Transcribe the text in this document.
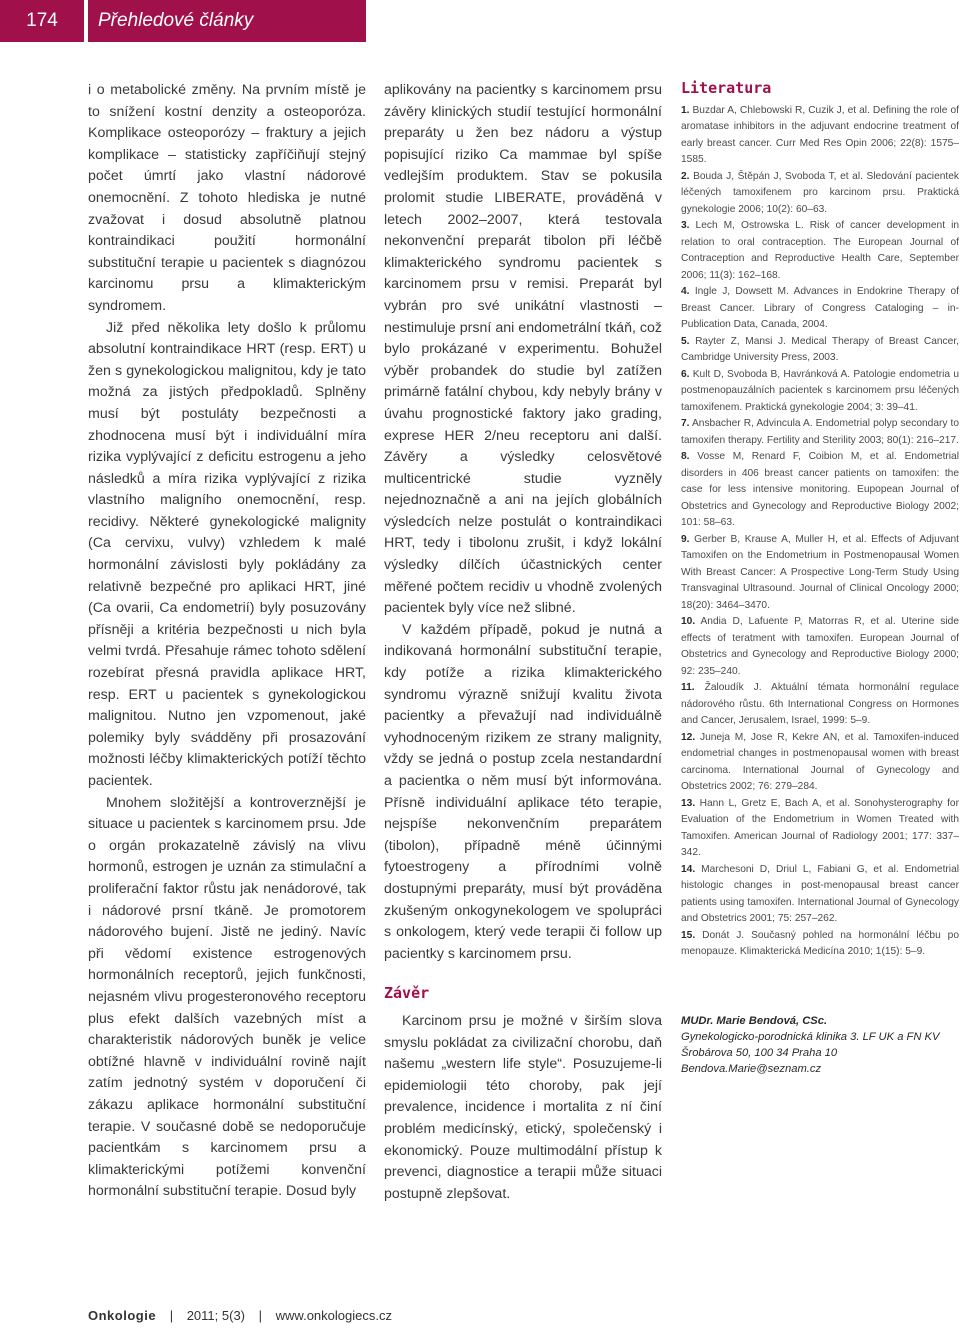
174	Přehledové články

i o metabolické změny. Na prvním místě je to snížení kostní denzity a osteoporóza. Komplikace osteoporózy – fraktury a jejich komplikace – statisticky zapříčiňují stejný počet úmrtí jako vlastní nádorové onemocnění. Z tohoto hlediska je nutné zvažovat i dosud absolutně platnou kontraindikaci použití hormonální substituční terapie u pacientek s diagnózou karcinomu prsu a klimakterickým syndromem.

Již před několika lety došlo k průlomu absolutní kontraindikace HRT (resp. ERT) u žen s gynekologickou malignitou, kdy je tato možná za jistých předpokladů. Splněny musí být postuláty bezpečnosti a zhodnocena musí být i individuální míra rizika vyplývající z deficitu estrogenu a jeho následků a míra rizika vyplývající z rizika vlastního maligního onemocnění, resp. recidivy. Některé gynekologické malignity (Ca cervixu, vulvy) vzhledem k malé hormonální závislosti byly pokládány za relativně bezpečné pro aplikaci HRT, jiné (Ca ovarii, Ca endometrií) byly posuzovány přísněji a kritéria bezpečnosti u nich byla velmi tvrdá. Přesahuje rámec tohoto sdělení rozebírat přesná pravidla aplikace HRT, resp. ERT u pacientek s gynekologickou malignitou. Nutno jen vzpomenout, jaké polemiky byly svádděny při prosazování možnosti léčby klimakterických potíží těchto pacientek.

Mnohem složitější a kontroverznější je situace u pacientek s karcinomem prsu. Jde o orgán prokazatelně závislý na vlivu hormonů, estrogen je uznán za stimulační a proliferační faktor růstu jak nenádorové, tak i nádorové prsní tkáně. Je promotorem nádorového bujení. Jistě ne jediný. Navíc při vědomí existence estrogenových hormonálních receptorů, jejich funkčnosti, nejasném vlivu progesteronového receptoru plus efekt dalších vazebných míst a charakteristik nádorových buněk je velice obtížné hlavně v individuální rovině najít zatím jednotný systém v doporučení či zákazu aplikace hormonální substituční terapie. V současné době se nedoporučuje pacientkám s karcinomem prsu a klimakterickými potížemi konvenční hormonální substituční terapie. Dosud byly

aplikovány na pacientky s karcinomem prsu závěry klinických studií testující hormonální preparáty u žen bez nádoru a výstup popisující riziko Ca mammae byl spíše vedlejším produktem. Stav se pokusila prolomit studie LIBERATE, prováděná v letech 2002–2007, která testovala nekonvenční preparát tibolon při léčbě klimakterického syndromu pacientek s karcinomem prsu v remisi. Preparát byl vybrán pro své unikátní vlastnosti – nestimuluje prsní ani endometrální tkáň, což bylo prokázané v experimentu. Bohužel výběr probandek do studie byl zatížen primárně fatální chybou, kdy nebyly brány v úvahu prognostické faktory jako grading, exprese HER 2/neu receptoru ani další. Závěry a výsledky celosvětové multicentrické studie vyzněly nejednoznačně a ani na jejích globálních výsledcích nelze postulát o kontraindikaci HRT, tedy i tibolonu zrušit, i když lokální výsledky dílčích účastnických center měřené počtem recidiv u vhodně zvolených pacientek byly více než slibné.

V každém případě, pokud je nutná a indikovaná hormonální substituční terapie, kdy potíže a rizika klimakterického syndromu výrazně snižují kvalitu života pacientky a převažují nad individuálně vyhodnoceným rizikem ze strany malignity, vždy se jedná o postup zcela nestandardní a pacientka o něm musí být informována. Přísně individuální aplikace této terapie, nejspíše nekonvenčním preparátem (tibolon), případně méně účinnými fytoestrogeny a přírodními volně dostupnými preparáty, musí být prováděna zkušeným onkogynekologem ve spolupráci s onkologem, který vede terapii či follow up pacientky s karcinomem prsu.

Závěr

Karcinom prsu je možné v širším slova smyslu pokládat za civilizační chorobu, daň našemu „western life style“. Posuzujeme-li epidemiologii této choroby, pak její prevalence, incidence i mortalita z ní činí problém medicínský, etický, společenský i ekonomický. Pouze multimodální přístup k prevenci, diagnostice a terapii může situaci postupně zlepšovat.

Literatura

1. Buzdar A, Chlebowski R, Cuzik J, et al. Defining the role of aromatase inhibitors in the adjuvant endocrine treatment of early breast cancer. Curr Med Res Opin 2006; 22(8): 1575–1585.

2. Bouda J, Štěpán J, Svoboda T, et al. Sledování pacientek léčených tamoxifenem pro karcinom prsu. Praktická gynekologie 2006; 10(2): 60–63.

3. Lech M, Ostrowska L. Risk of cancer development in relation to oral contraception. The European Journal of Contraception and Reproductive Health Care, September 2006; 11(3): 162–168.

4. Ingle J, Dowsett M. Advances in Endokrine Therapy of Breast Cancer. Library of Congress Cataloging – in-Publication Data, Canada, 2004.

5. Rayter Z, Mansi J. Medical Therapy of Breast Cancer, Cambridge University Press, 2003.

6. Kult D, Svoboda B, Havránková A. Patologie endometria u postmenopauzálních pacientek s karcinomem prsu léčených tamoxifenem. Praktická gynekologie 2004; 3: 39–41.

7. Ansbacher R, Advincula A. Endometrial polyp secondary to tamoxifen therapy. Fertility and Sterility 2003; 80(1): 216–217.

8. Vosse M, Renard F, Coibion M, et al. Endometrial disorders in 406 breast cancer patients on tamoxifen: the case for less intensive monitoring. Eupopean Journal of Obstetrics and Gynecology and Reproductive Biology 2002; 101: 58–63.

9. Gerber B, Krause A, Muller H, et al. Effects of Adjuvant Tamoxifen on the Endometrium in Postmenopausal Women With Breast Cancer: A Prospective Long-Term Study Using Transvaginal Ultrasound. Journal of Clinical Oncology 2000; 18(20): 3464–3470.

10. Andia D, Lafuente P, Matorras R, et al. Uterine side effects of teratment with tamoxifen. European Journal of Obstetrics and Gynecology and Reproductive Biology 2000; 92: 235–240.

11. Žaloudík J. Aktuální témata hormonální regulace nádorového růstu. 6th International Congress on Hormones and Cancer, Jerusalem, Israel, 1999: 5–9.

12. Juneja M, Jose R, Kekre AN, et al. Tamoxifen-induced endometrial changes in postmenopausal women with breast carcinoma. International Journal of Gynecology and Obstetrics 2002; 76: 279–284.

13. Hann L, Gretz E, Bach A, et al. Sonohysterography for Evaluation of the Endometrium in Women Treated with Tamoxifen. American Journal of Radiology 2001; 177: 337–342.

14. Marchesoni D, Driul L, Fabiani G, et al. Endometrial histologic changes in post-menopausal breast cancer patients using tamoxifen. International Journal of Gynecology and Obstetrics 2001; 75: 257–262.

15. Donát J. Současný pohled na hormonální léčbu po menopauze. Klimakterická Medicína 2010; 1(15): 5–9.

MUDr. Marie Bendová, CSc.
Gynekologicko-porodnická klinika 3. LF UK a FN KV
Šrobárova 50, 100 34 Praha 10
Bendova.Marie@seznam.cz
Onkologie | 2011; 5(3) | www.onkologiecs.cz
